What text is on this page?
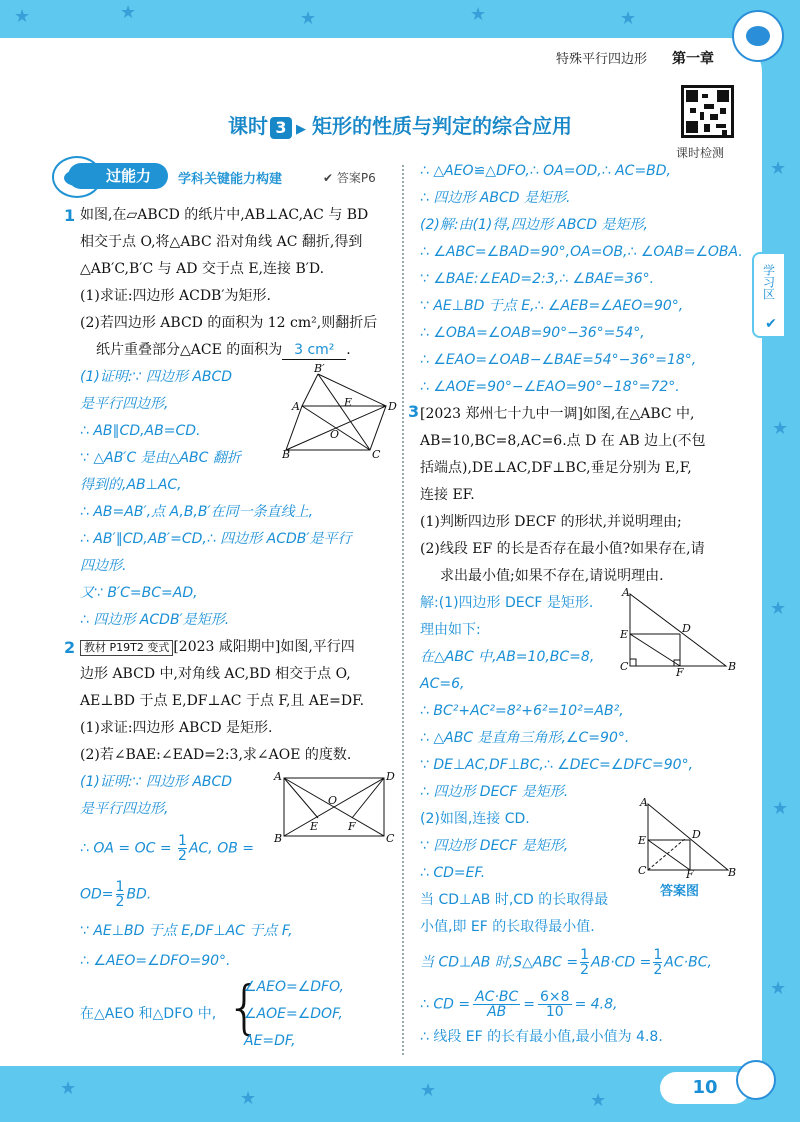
★	★	★	★	★
★
★
★
★
★
★	★	★	★
特殊平行四边形 第一章
课时 3 ▶ 矩形的性质与判定的综合应用
课时检测
过能力	学科关键能力构建	✔ 答案P6
学习区
✔
1 如图,在▱ABCD 的纸片中,AB⊥AC,AC 与 BD
相交于点 O,将△ABC 沿对角线 AC 翻折,得到
△AB′C,B′C 与 AD 交于点 E,连接 B′D.
(1)求证:四边形 ACDB′为矩形.
(2)若四边形 ABCD 的面积为 12 cm²,则翻折后
纸片重叠部分△ACE 的面积为 3 cm² .
(1)证明:∵ 四边形 ABCD
是平行四边形,
∴ AB∥CD,AB=CD.
∵ △AB′C 是由△ABC 翻折
得到的,AB⊥AC,
∴ AB=AB′,点 A,B,B′在同一条直线上,
∴ AB′∥CD,AB′=CD,∴ 四边形 ACDB′是平行
四边形.
又∵ B′C=BC=AD,
∴ 四边形 ACDB′是矩形.
B′
A	D
E
O
B	C
2 教材 P19T2 变式 [2023 咸阳期中]如图,平行四
边形 ABCD 中,对角线 AC,BD 相交于点 O,
AE⊥BD 于点 E,DF⊥AC 于点 F,且 AE=DF.
(1)求证:四边形 ABCD 是矩形.
(2)若∠BAE:∠EAD=2:3,求∠AOE 的度数.
(1)证明:∵ 四边形 ABCD
是平行四边形,
∴ OA = OC = $\frac{1}{2}$ AC, OB =
$OD= \frac{1}{2}$ BD.
∵ AE⊥BD 于点 E,DF⊥AC 于点 F,
∴ ∠AEO=∠DFO=90°.
在△AEO 和△DFO 中, {
∠AEO=∠DFO,
∠AOE=∠DOF,
AE=DF,
A	D
O
E	F
B	C
∴ △AEO≌△DFO,∴ OA=OD,∴ AC=BD,
∴ 四边形 ABCD 是矩形.
(2)解:由(1)得,四边形 ABCD 是矩形,
∴ ∠ABC=∠BAD=90°,OA=OB,∴ ∠OAB=∠OBA.
∵ ∠BAE:∠EAD=2:3,∴ ∠BAE=36°.
∵ AE⊥BD 于点 E,∴ ∠AEB=∠AEO=90°,
∴ ∠OBA=∠OAB=90°−36°=54°,
∴ ∠EAO=∠OAB−∠BAE=54°−36°=18°,
∴ ∠AOE=90°−∠EAO=90°−18°=72°.
3 [2023 郑州七十九中一调]如图,在△ABC 中,
AB=10,BC=8,AC=6.点 D 在 AB 边上(不包
括端点),DE⊥AC,DF⊥BC,垂足分别为 E,F,
连接 EF.
(1)判断四边形 DECF 的形状,并说明理由;
(2)线段 EF 的长是否存在最小值?如果存在,请
求出最小值;如果不存在,请说明理由.
解:(1)四边形 DECF 是矩形.
理由如下:
在△ABC 中,AB=10,BC=8,
AC=6,
∴ BC²+AC²=8²+6²=10²=AB²,
∴ △ABC 是直角三角形,∠C=90°.
∵ DE⊥AC,DF⊥BC,∴ ∠DEC=∠DFC=90°,
∴ 四边形 DECF 是矩形.
(2)如图,连接 CD.
∵ 四边形 DECF 是矩形,
∴ CD=EF.
当 CD⊥AB 时,CD 的长取得最
小值,即 EF 的长取得最小值.
当 CD⊥AB 时,S△ABC = $\frac{1}{2} AB\cdot CD = \frac{1}{2} AC\cdot BC$,
∴ CD = $\frac{AC\cdot BC}{AB} = \frac{6\times 8}{10} = 4.8$,
∴ 线段 EF 的长有最小值,最小值为 4.8.
A
D
E
C	F	B
A
D
E
C	F	B
答案图
10
